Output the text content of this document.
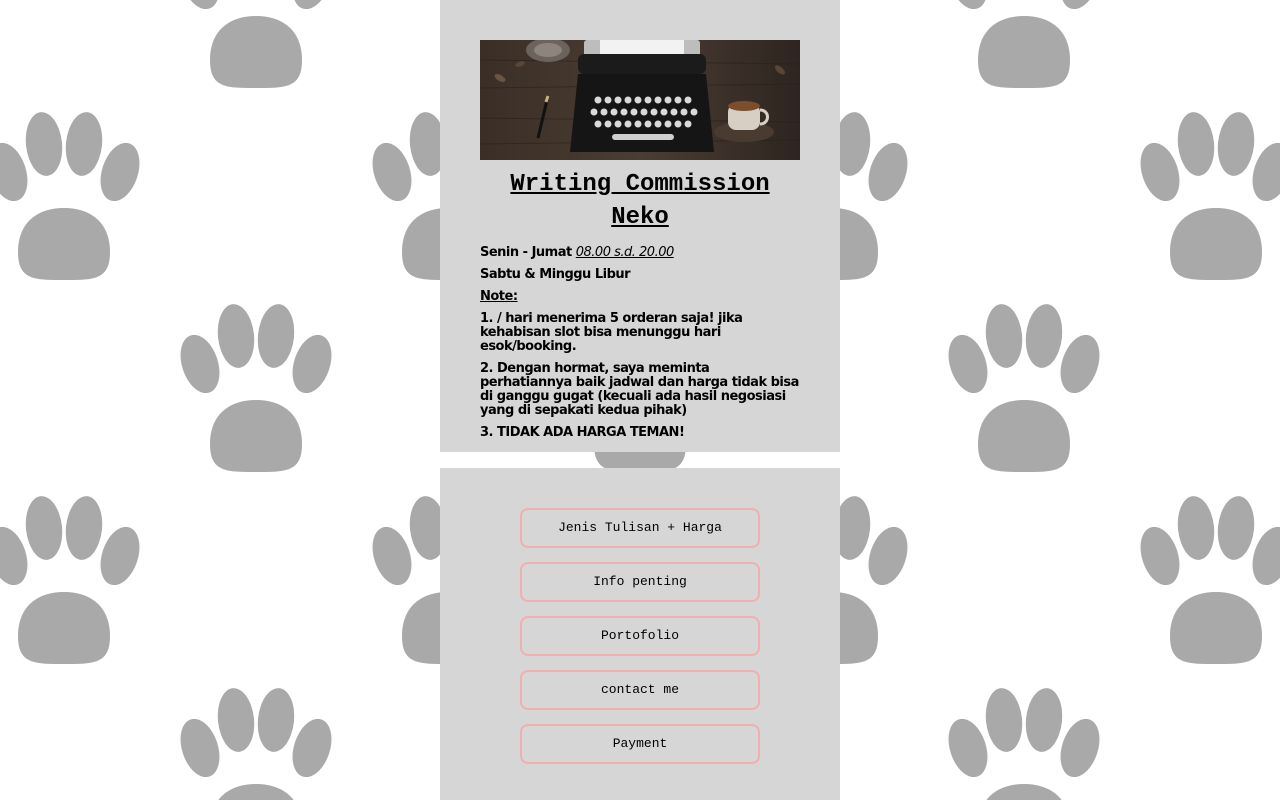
Writing Commission Neko

Senin - Jumat 08.00 s.d. 20.00

Sabtu & Minggu Libur

Note:

1. / hari menerima 5 orderan saja! jika kehabisan slot bisa menunggu hari esok/booking.

2. Dengan hormat, saya meminta perhatiannya baik jadwal dan harga tidak bisa di ganggu gugat (kecuali ada hasil negosiasi yang di sepakati kedua pihak)

3. TIDAK ADA HARGA TEMAN!

Jenis Tulisan + Harga
Info penting
Portofolio
contact me
Payment
